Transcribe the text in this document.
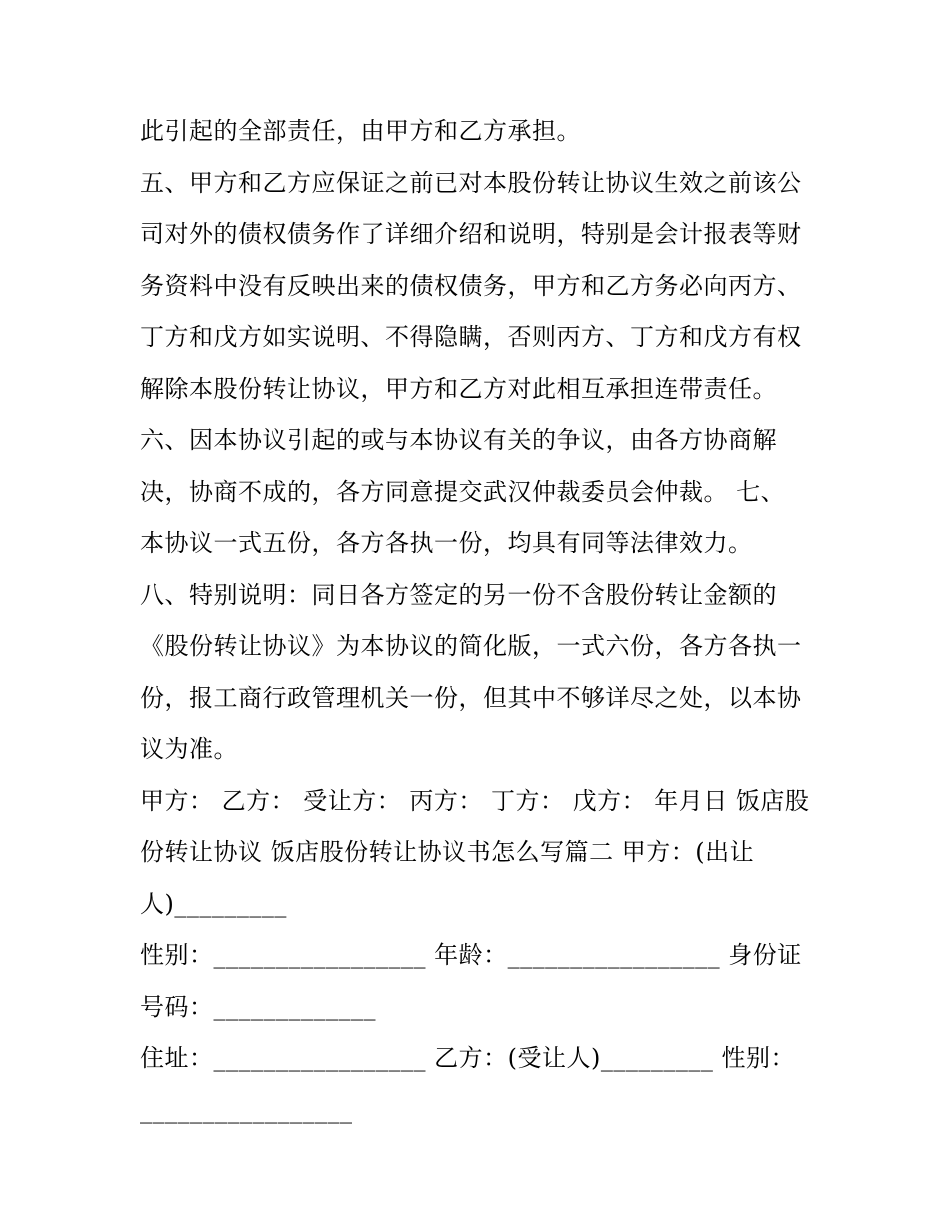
此引起的全部责任，由甲方和乙方承担。
五、甲方和乙方应保证之前已对本股份转让协议生效之前该公
司对外的债权债务作了详细介绍和说明，特别是会计报表等财
务资料中没有反映出来的债权债务，甲方和乙方务必向丙方、
丁方和戊方如实说明、不得隐瞒，否则丙方、丁方和戊方有权
解除本股份转让协议，甲方和乙方对此相互承担连带责任。
六、因本协议引起的或与本协议有关的争议，由各方协商解
决，协商不成的，各方同意提交武汉仲裁委员会仲裁。 七、
本协议一式五份，各方各执一份，均具有同等法律效力。
八、特别说明：同日各方签定的另一份不含股份转让金额的
《股份转让协议》为本协议的简化版，一式六份，各方各执一
份，报工商行政管理机关一份，但其中不够详尽之处，以本协
议为准。
甲方： 乙方： 受让方： 丙方： 丁方： 戊方： 年月日 饭店股
份转让协议 饭店股份转让协议书怎么写篇二 甲方：(出让
人)_________
性别：_________________ 年龄：_________________ 身份证
号码：_____________
住址：_________________ 乙方：(受让人)_________ 性别：
_________________
